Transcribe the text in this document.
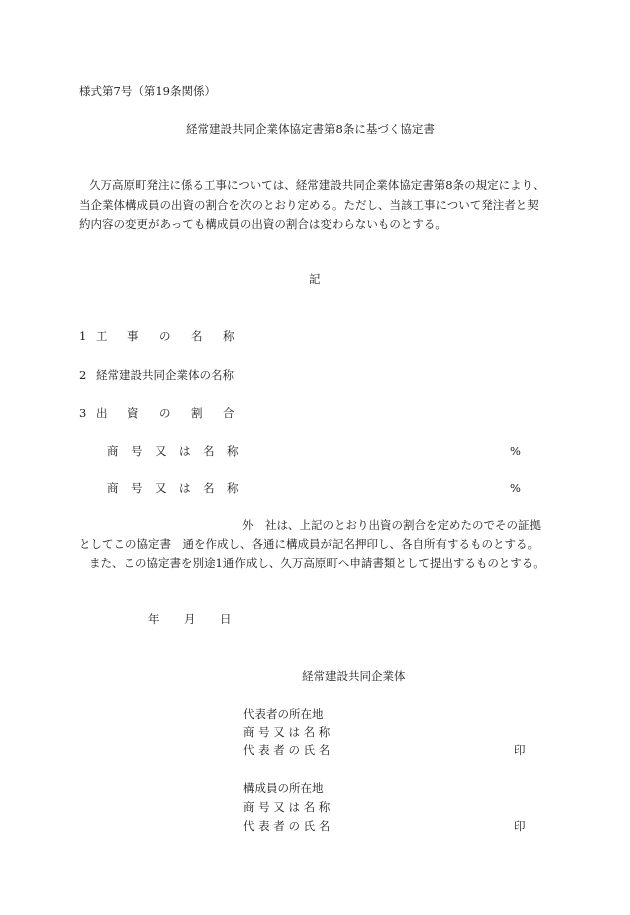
様式第7号（第19条関係）
経常建設共同企業体協定書第8条に基づく協定書
久万高原町発注に係る工事については、経常建設共同企業体協定書第8条の規定により、
当企業体構成員の出資の割合を次のとおり定める。ただし、当該工事について発注者と契
約内容の変更があっても構成員の出資の割合は変わらないものとする。
記
1 工 事 の 名 称
2 経常建設共同企業体の名称
3 出 資 の 割 合
商 号 又 は 名 称	%
商 号 又 は 名 称	%
外　社は、上記のとおり出資の割合を定めたのでその証拠
としてこの協定書　通を作成し、各通に構成員が記名押印し、各自所有するものとする。
また、この協定書を別途1通作成し、久万高原町へ申請書類として提出するものとする。
年 月 日
経常建設共同企業体
代表者の所在地
商 号 又 は 名 称
代 表 者 の 氏 名	印
構成員の所在地
商 号 又 は 名 称
代 表 者 の 氏 名	印
